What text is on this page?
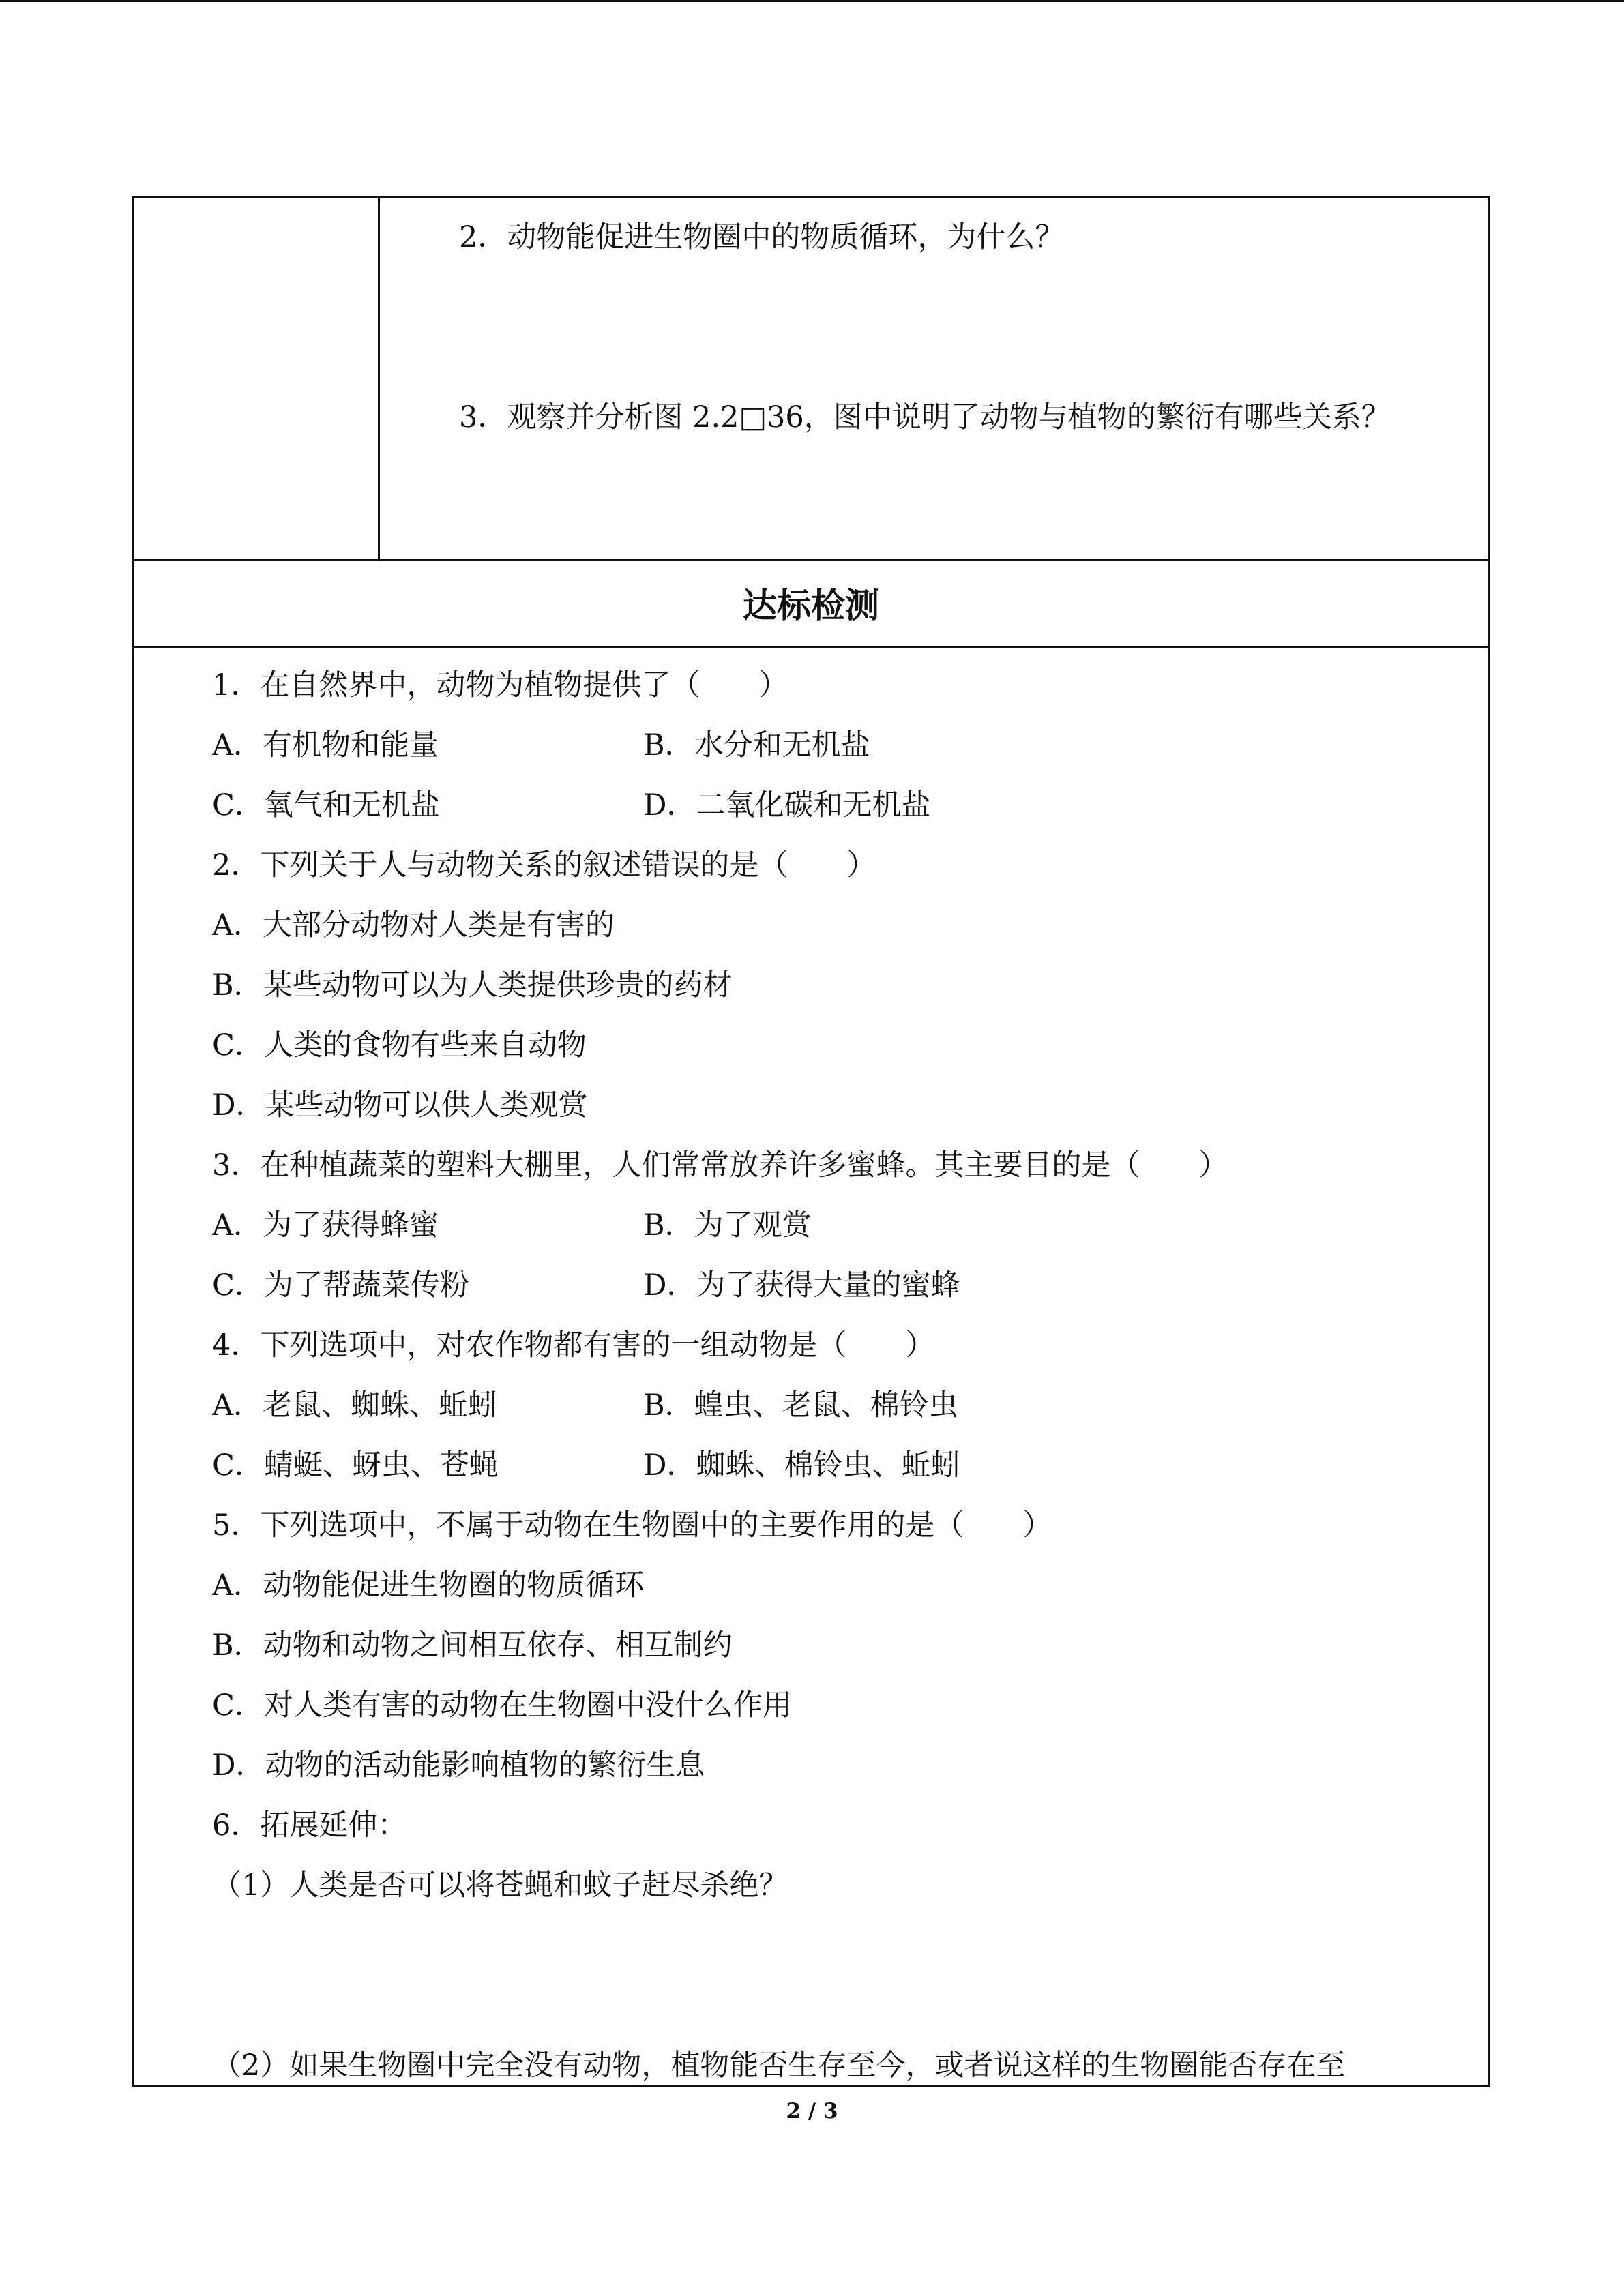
2．动物能促进生物圈中的物质循环，为什么？
3．观察并分析图 2.2□36，图中说明了动物与植物的繁衍有哪些关系？
达标检测
1．在自然界中，动物为植物提供了（　　）
A．有机物和能量	B．水分和无机盐
C．氧气和无机盐	D．二氧化碳和无机盐
2．下列关于人与动物关系的叙述错误的是（　　）
A．大部分动物对人类是有害的
B．某些动物可以为人类提供珍贵的药材
C．人类的食物有些来自动物
D．某些动物可以供人类观赏
3．在种植蔬菜的塑料大棚里，人们常常放养许多蜜蜂。其主要目的是（　　）
A．为了获得蜂蜜	B．为了观赏
C．为了帮蔬菜传粉	D．为了获得大量的蜜蜂
4．下列选项中，对农作物都有害的一组动物是（　　）
A．老鼠、蜘蛛、蚯蚓	B．蝗虫、老鼠、棉铃虫
C．蜻蜓、蚜虫、苍蝇	D．蜘蛛、棉铃虫、蚯蚓
5．下列选项中，不属于动物在生物圈中的主要作用的是（　　）
A．动物能促进生物圈的物质循环
B．动物和动物之间相互依存、相互制约
C．对人类有害的动物在生物圈中没什么作用
D．动物的活动能影响植物的繁衍生息
6．拓展延伸：
（1）人类是否可以将苍蝇和蚊子赶尽杀绝？
（2）如果生物圈中完全没有动物，植物能否生存至今，或者说这样的生物圈能否存在至
2 / 3
